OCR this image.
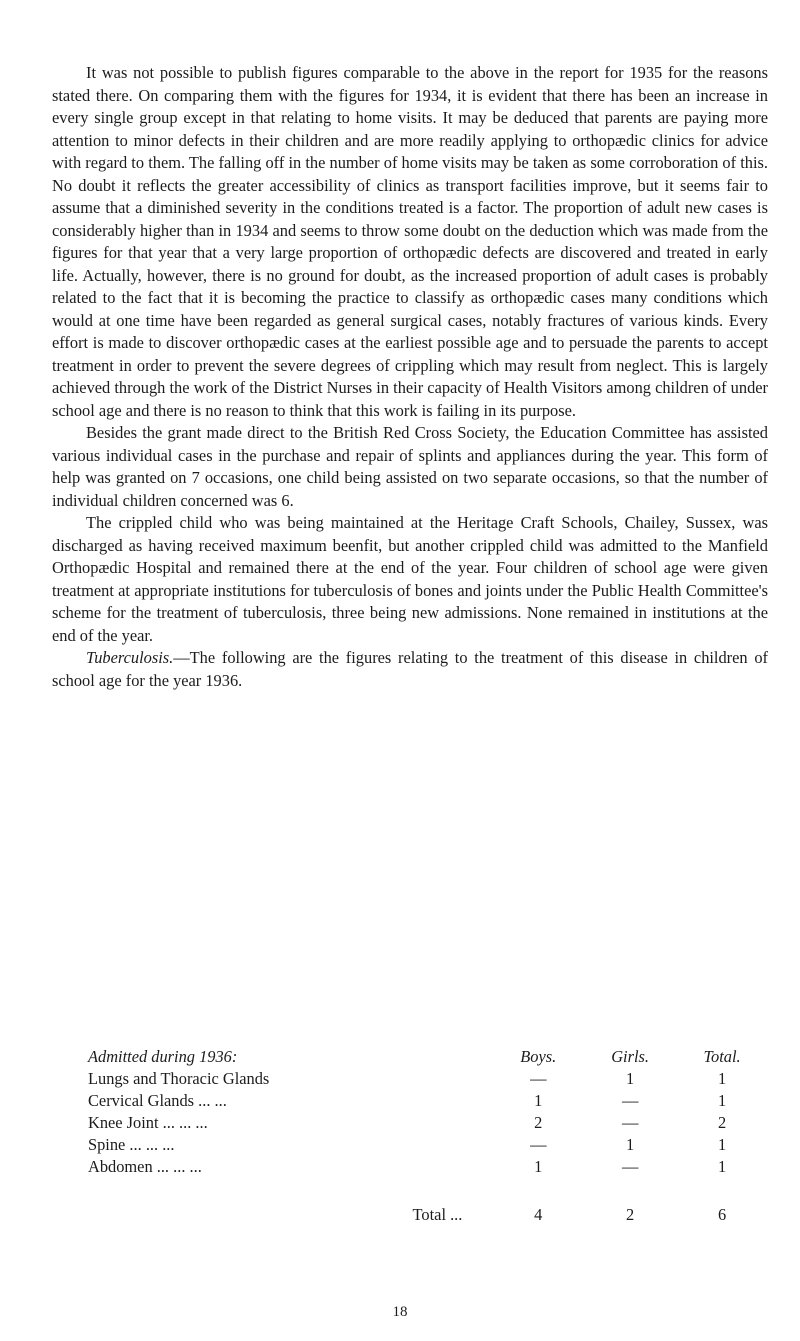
It was not possible to publish figures comparable to the above in the report for 1935 for the reasons stated there. On comparing them with the figures for 1934, it is evident that there has been an increase in every single group except in that relating to home visits. It may be deduced that parents are paying more attention to minor defects in their children and are more readily applying to orthopædic clinics for advice with regard to them. The falling off in the number of home visits may be taken as some corroboration of this. No doubt it reflects the greater accessibility of clinics as transport facilities improve, but it seems fair to assume that a diminished severity in the conditions treated is a factor. The proportion of adult new cases is considerably higher than in 1934 and seems to throw some doubt on the deduction which was made from the figures for that year that a very large proportion of orthopædic defects are discovered and treated in early life. Actually, however, there is no ground for doubt, as the increased proportion of adult cases is probably related to the fact that it is becoming the practice to classify as orthopædic cases many conditions which would at one time have been regarded as general surgical cases, notably fractures of various kinds. Every effort is made to discover orthopædic cases at the earliest possible age and to persuade the parents to accept treatment in order to prevent the severe degrees of crippling which may result from neglect. This is largely achieved through the work of the District Nurses in their capacity of Health Visitors among children of under school age and there is no reason to think that this work is failing in its purpose.

Besides the grant made direct to the British Red Cross Society, the Education Committee has assisted various individual cases in the purchase and repair of splints and appliances during the year. This form of help was granted on 7 occasions, one child being assisted on two separate occasions, so that the number of individual children concerned was 6.

The crippled child who was being maintained at the Heritage Craft Schools, Chailey, Sussex, was discharged as having received maximum beenfit, but another crippled child was admitted to the Manfield Orthopædic Hospital and remained there at the end of the year. Four children of school age were given treatment at appropriate institutions for tuberculosis of bones and joints under the Public Health Committee's scheme for the treatment of tuberculosis, three being new admissions. None remained in institutions at the end of the year.

Tuberculosis.—The following are the figures relating to the treatment of this disease in children of school age for the year 1936.

Admitted during 1936:	Boys.	Girls.	Total.
Lungs and Thoracic Glands	—	1	1
Cervical Glands ... ...	1	—	1
Knee Joint ... ... ...	2	—	2
Spine ... ... ...	—	1	1
Abdomen ... ... ...	1	—	1
Total ...	4	2	6
18
